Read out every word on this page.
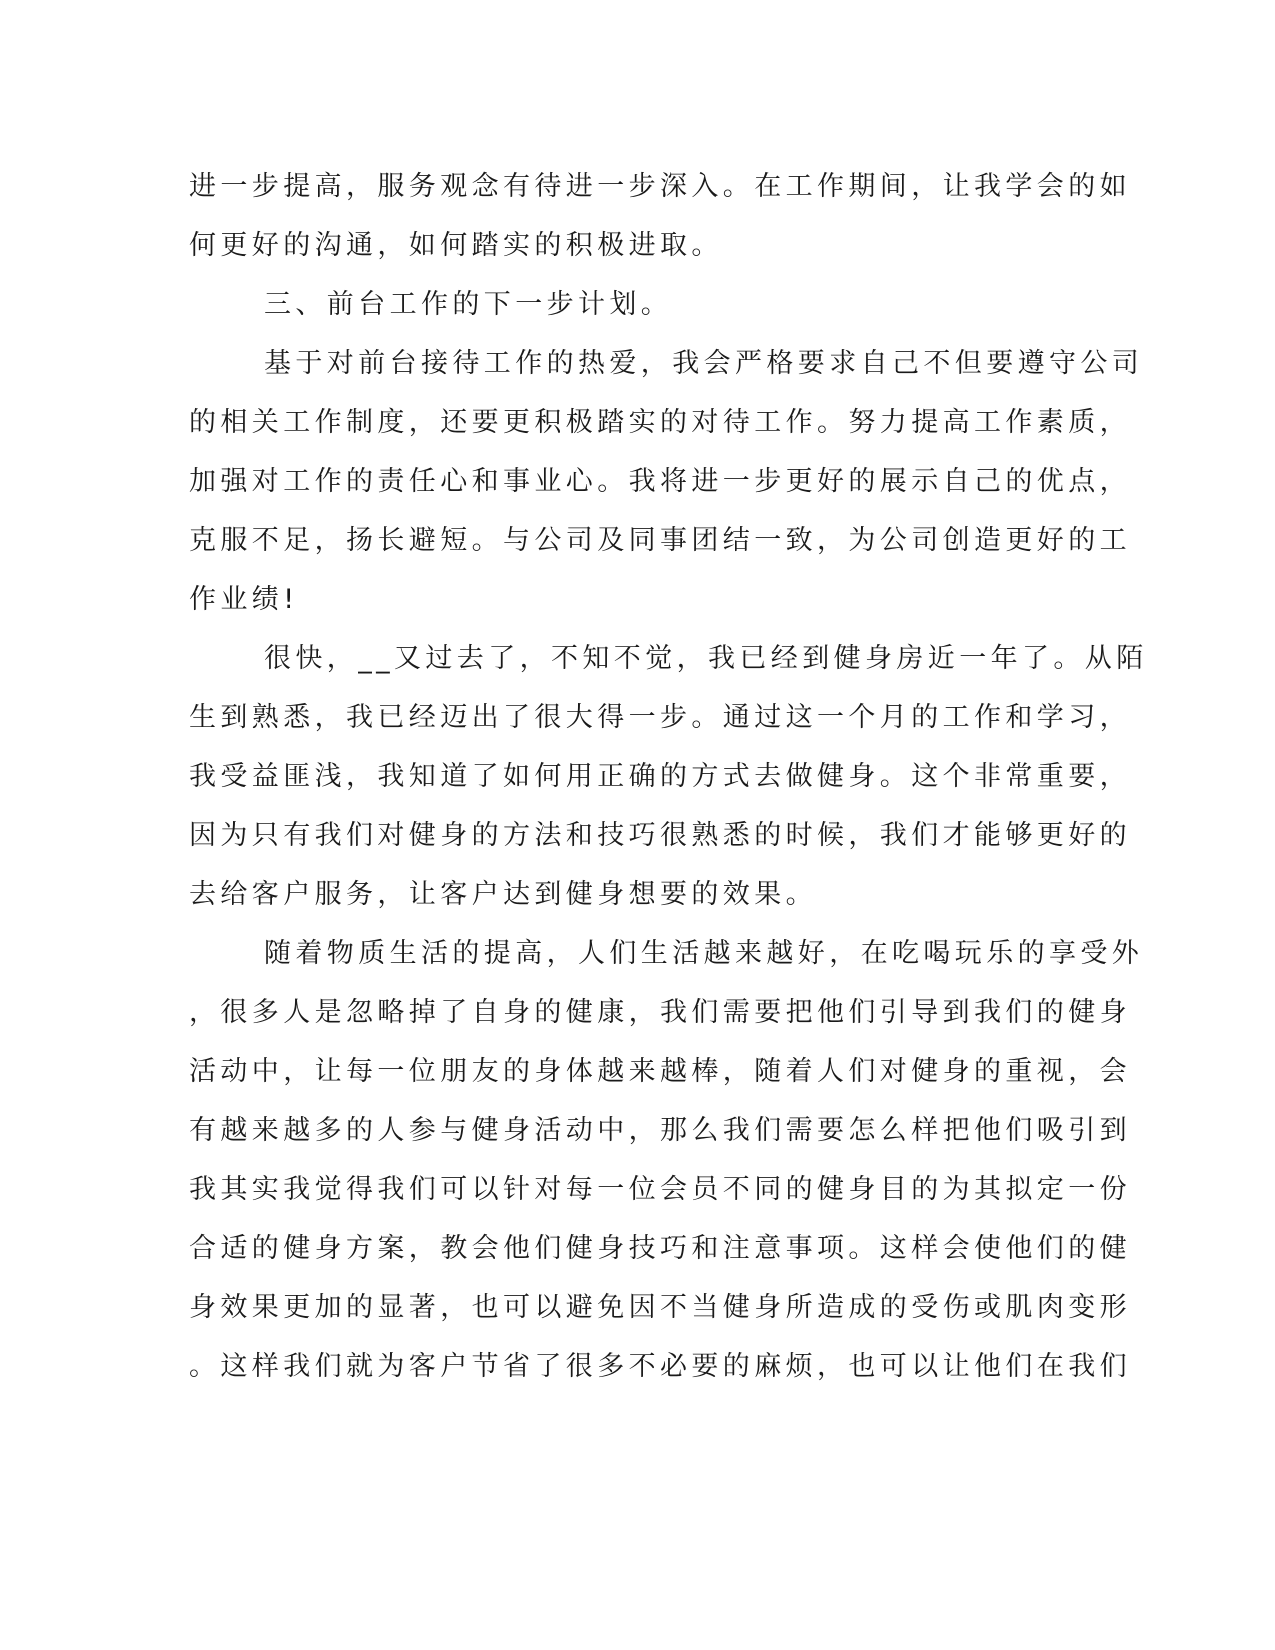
进一步提高，服务观念有待进一步深入。在工作期间，让我学会的如
何更好的沟通，如何踏实的积极进取。
三、前台工作的下一步计划。
基于对前台接待工作的热爱，我会严格要求自己不但要遵守公司
的相关工作制度，还要更积极踏实的对待工作。努力提高工作素质，
加强对工作的责任心和事业心。我将进一步更好的展示自己的优点，
克服不足，扬长避短。与公司及同事团结一致，为公司创造更好的工
作业绩!
很快，__又过去了，不知不觉，我已经到健身房近一年了。从陌
生到熟悉，我已经迈出了很大得一步。通过这一个月的工作和学习，
我受益匪浅，我知道了如何用正确的方式去做健身。这个非常重要，
因为只有我们对健身的方法和技巧很熟悉的时候，我们才能够更好的
去给客户服务，让客户达到健身想要的效果。
随着物质生活的提高，人们生活越来越好，在吃喝玩乐的享受外
，很多人是忽略掉了自身的健康，我们需要把他们引导到我们的健身
活动中，让每一位朋友的身体越来越棒，随着人们对健身的重视，会
有越来越多的人参与健身活动中，那么我们需要怎么样把他们吸引到
我其实我觉得我们可以针对每一位会员不同的健身目的为其拟定一份
合适的健身方案，教会他们健身技巧和注意事项。这样会使他们的健
身效果更加的显著，也可以避免因不当健身所造成的受伤或肌肉变形
。这样我们就为客户节省了很多不必要的麻烦，也可以让他们在我们
